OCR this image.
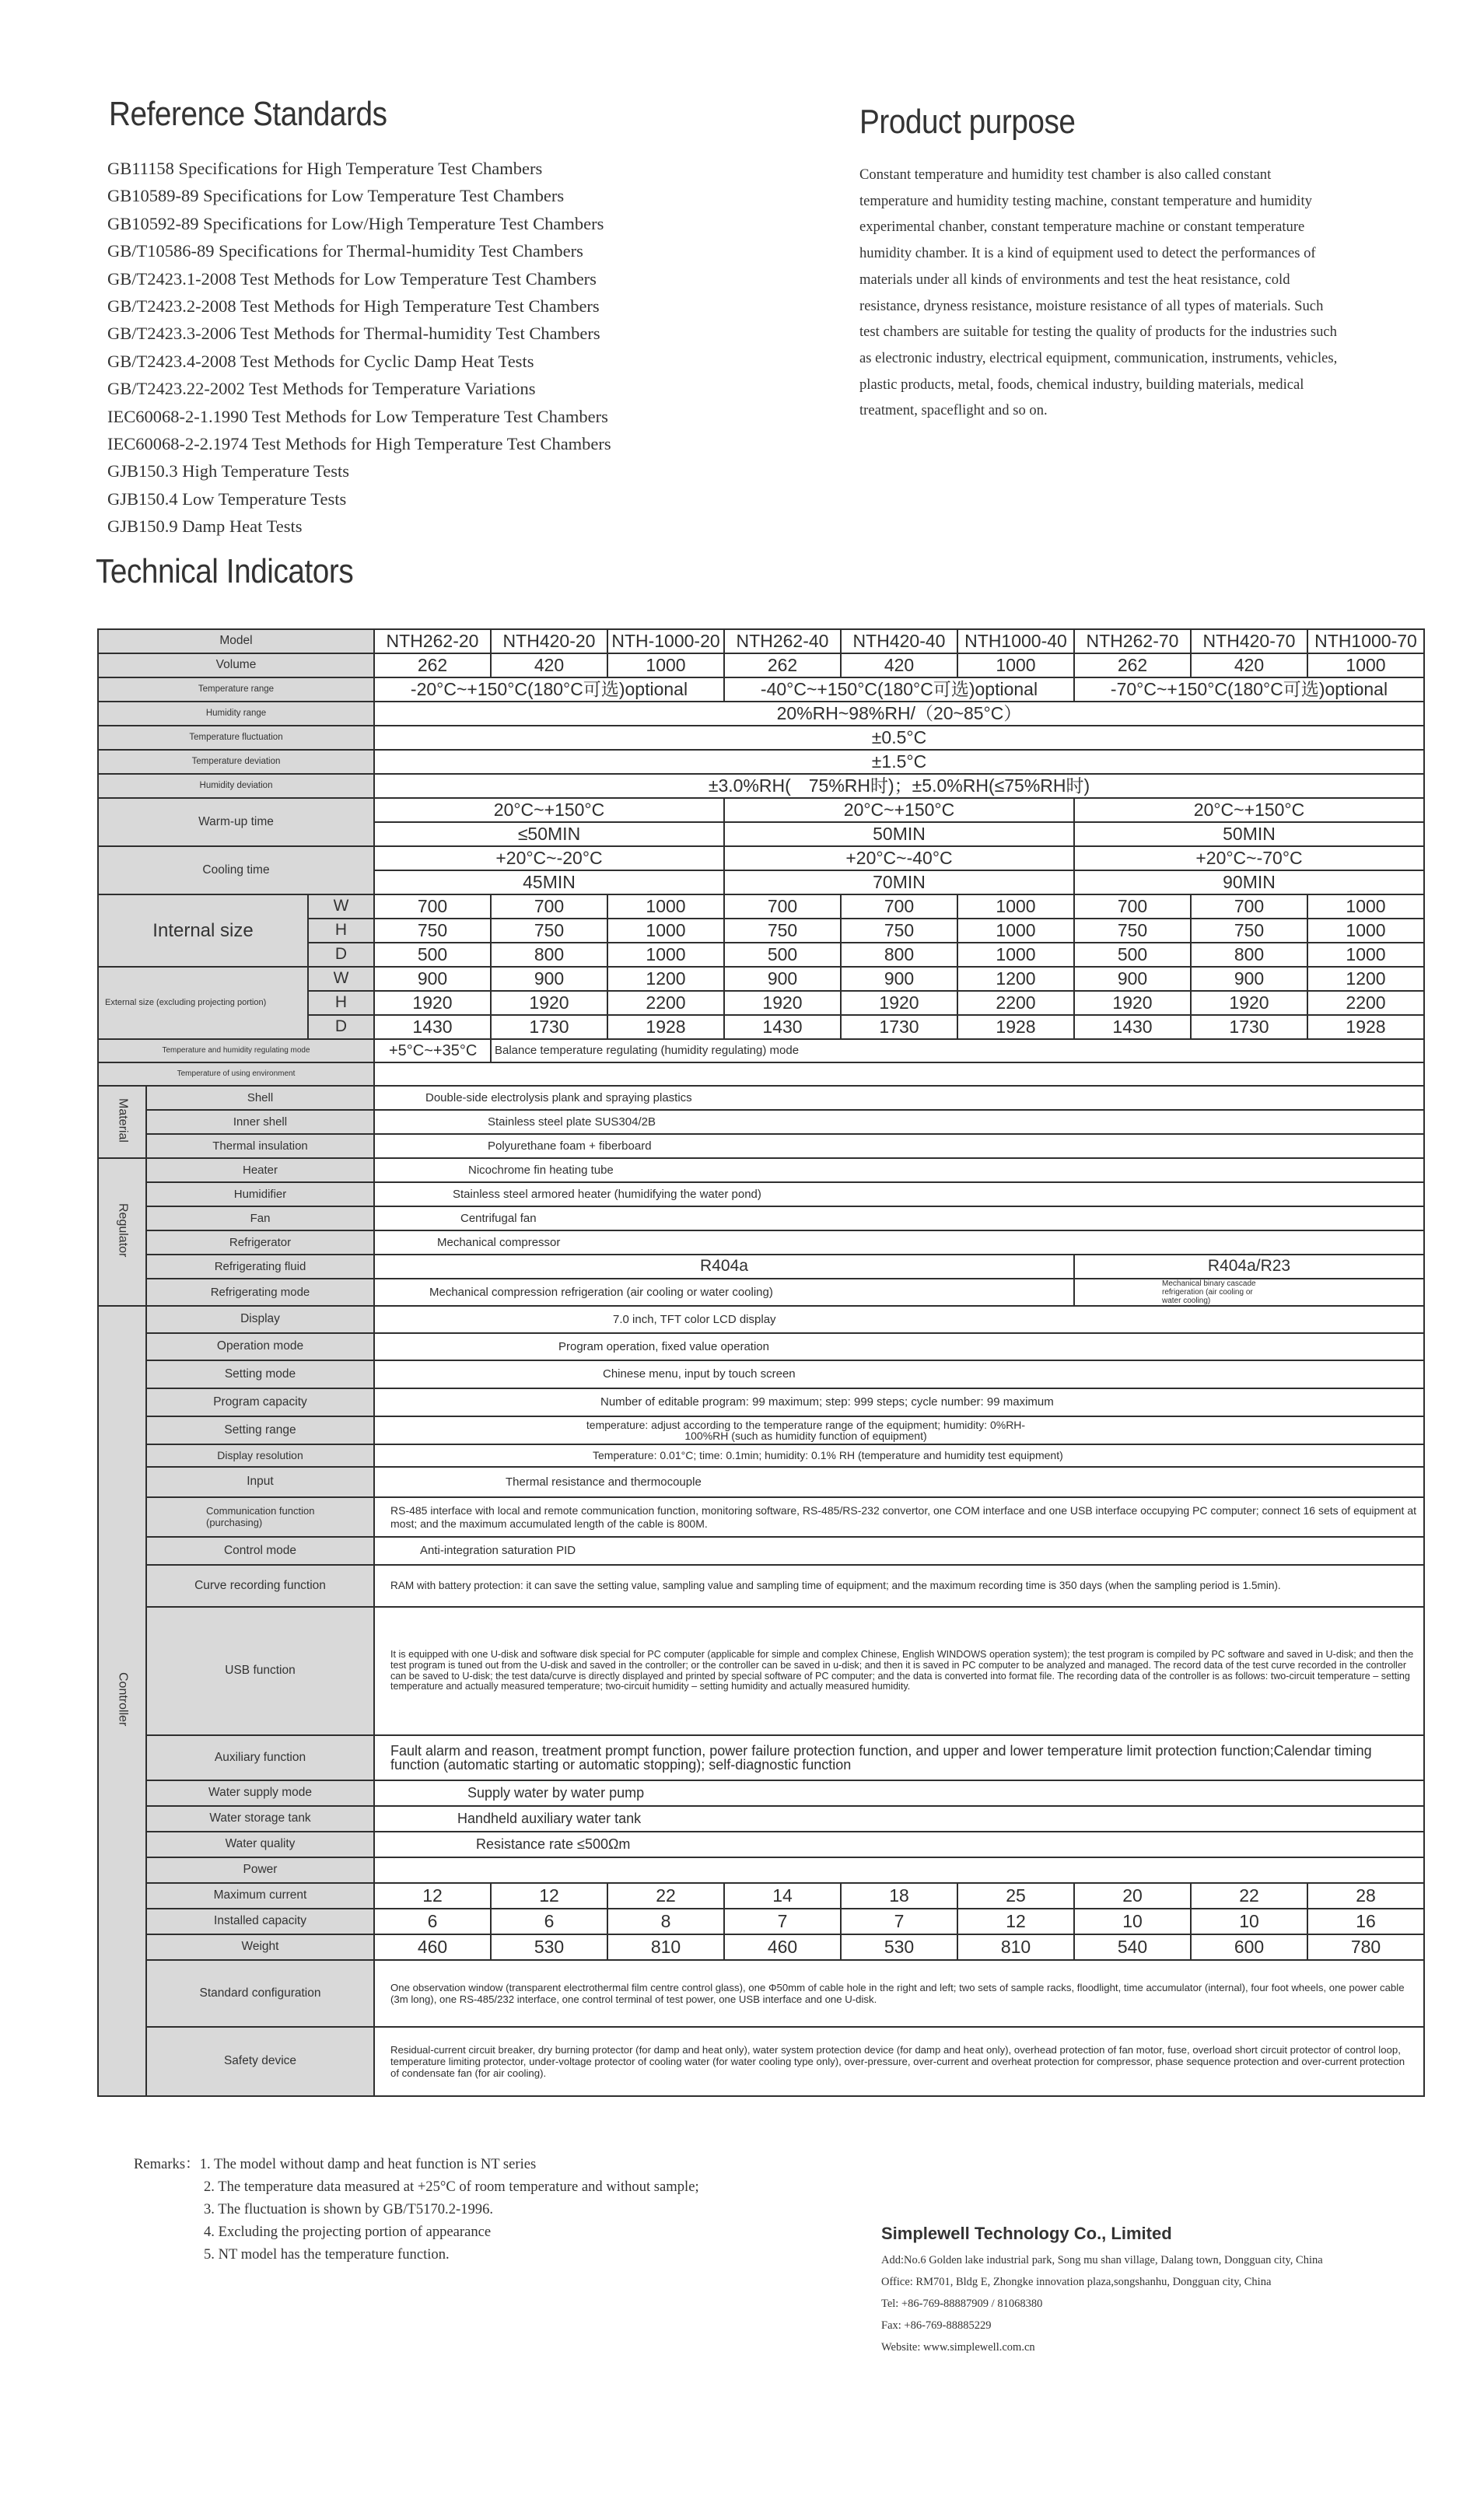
Reference Standards
GB11158 Specifications for High Temperature Test Chambers
GB10589-89 Specifications for Low Temperature Test Chambers
GB10592-89 Specifications for Low/High Temperature Test Chambers
GB/T10586-89 Specifications for Thermal-humidity Test Chambers
GB/T2423.1-2008 Test Methods for Low Temperature Test Chambers
GB/T2423.2-2008 Test Methods for High Temperature Test Chambers
GB/T2423.3-2006 Test Methods for Thermal-humidity Test Chambers
GB/T2423.4-2008 Test Methods for Cyclic Damp Heat Tests
GB/T2423.22-2002 Test Methods for Temperature Variations
IEC60068-2-1.1990 Test Methods for Low Temperature Test Chambers
IEC60068-2-2.1974 Test Methods for High Temperature Test Chambers
GJB150.3 High Temperature Tests
GJB150.4 Low Temperature Tests
GJB150.9 Damp Heat Tests
Product purpose
Constant temperature and humidity test chamber is also called constant temperature and humidity testing machine, constant temperature and humidity experimental chanber, constant temperature machine or constant temperature humidity chamber. It is a kind of equipment used to detect the performances of materials under all kinds of environments and test the heat resistance, cold resistance, dryness resistance, moisture resistance of all types of materials. Such test chambers are suitable for testing the quality of products for the industries such as electronic industry, electrical equipment, communication, instruments, vehicles, plastic products, metal, foods, chemical industry, building materials, medical treatment, spaceflight and so on.
Technical Indicators
Model			NTH262-20	NTH420-20	NTH-1000-20	NTH262-40	NTH420-40	NTH1000-40	NTH262-70	NTH420-70	NTH1000-70
Volume			262	420	1000	262	420	1000	262	420	1000
Temperature range			-20°C~+150°C(180°C可选)optional			-40°C~+150°C(180°C可选)optional			-70°C~+150°C(180°C可选)optional		
Humidity range			20%RH~98%RH/（20~85°C）								
Temperature fluctuation			±0.5°C								
Temperature deviation			±1.5°C								
Humidity deviation			±3.0%RH(　75%RH时)；±5.0%RH(≤75%RH时)								
Warm-up time			20°C~+150°C			20°C~+150°C			20°C~+150°C		
			≤50MIN			50MIN			50MIN		
Cooling time			+20°C~-20°C			+20°C~-40°C			+20°C~-70°C		
			45MIN			70MIN			90MIN		
Internal size		W	700	700	1000	700	700	1000	700	700	1000
		H	750	750	1000	750	750	1000	750	750	1000
		D	500	800	1000	500	800	1000	500	800	1000
External size (excluding projecting portion)		W	900	900	1200	900	900	1200	900	900	1200
		H	1920	1920	2200	1920	1920	2200	1920	1920	2200
		D	1430	1730	1928	1430	1730	1928	1430	1730	1928
Temperature and humidity regulating mode			+5°C~+35°C	Balance temperature regulating (humidity regulating) mode							
Temperature of using environment											
Material	Shell		Double-side electrolysis plank and spraying plastics								
	Inner shell		Stainless steel plate SUS304/2B								
	Thermal insulation		Polyurethane foam + fiberboard								
Regulator	Heater		Nicochrome fin heating tube								
	Humidifier		Stainless steel armored heater (humidifying the water pond)								
	Fan		Centrifugal fan								
	Refrigerator		Mechanical compressor								
	Refrigerating fluid		R404a						R404a/R23		
	Refrigerating mode		Mechanical compression refrigeration (air cooling or water cooling)						Mechanical binary cascade refrigeration (air cooling or water cooling)		
Controller	Display		7.0 inch, TFT color LCD display								
	Operation mode		Program operation, fixed value operation								
	Setting mode		Chinese menu, input by touch screen								
	Program capacity		Number of editable program: 99 maximum; step: 999 steps; cycle number: 99 maximum								
	Setting range		temperature: adjust according to the temperature range of the equipment; humidity: 0%RH-100%RH (such as humidity function of equipment)								
	Display resolution		Temperature: 0.01°C; time: 0.1min; humidity: 0.1% RH (temperature and humidity test equipment)								
	Input		Thermal resistance and thermocouple								
	Communication function (purchasing)		RS-485 interface with local and remote communication function, monitoring software, RS-485/RS-232 convertor, one COM interface and one USB interface occupying PC computer; connect 16 sets of equipment at most; and the maximum accumulated length of the cable is 800M.								
	Control mode		Anti-integration saturation PID								
	Curve recording function		RAM with battery protection: it can save the setting value, sampling value and sampling time of equipment; and the maximum recording time is 350 days (when the sampling period is 1.5min).								
	USB function		It is equipped with one U-disk and software disk special for PC computer (applicable for simple and complex Chinese, English WINDOWS operation system); the test program is compiled by PC software and saved in U-disk; and then the test program is tuned out from the U-disk and saved in the controller; or the controller can be saved in u-disk; and then it is saved in PC computer to be analyzed and managed. The record data of the test curve recorded in the controller can be saved to U-disk; the test data/curve is directly displayed and printed by special software of PC computer; and the data is converted into format file. The recording data of the controller is as follows: two-circuit temperature – setting temperature and actually measured temperature; two-circuit humidity – setting humidity and actually measured humidity.								
	Auxiliary function		Fault alarm and reason, treatment prompt function, power failure protection function, and upper and lower temperature limit protection function;Calendar timing function (automatic starting or automatic stopping); self-diagnostic function								
	Water supply mode		Supply water by water pump								
	Water storage tank		Handheld auxiliary water tank								
	Water quality		Resistance rate ≤500Ωm								
	Power										
	Maximum current		12	12	22	14	18	25	20	22	28
	Installed capacity		6	6	8	7	7	12	10	10	16
	Weight		460	530	810	460	530	810	540	600	780
	Standard configuration		One observation window (transparent electrothermal film centre control glass), one Φ50mm of cable hole in the right and left; two sets of sample racks, floodlight, time accumulator (internal), four foot wheels, one power cable (3m long), one RS-485/232 interface, one control terminal of test power, one USB interface and one U-disk.								
	Safety device		Residual-current circuit breaker, dry burning protector (for damp and heat only), water system protection device (for damp and heat only), overhead protection of fan motor, fuse, overload short circuit protector of control loop, temperature limiting protector, under-voltage protector of cooling water (for water cooling type only), over-pressure, over-current and overheat protection for compressor, phase sequence protection and over-current protection of condensate fan (for air cooling).								
Remarks：1. The model without damp and heat function is NT series
2. The temperature data measured at +25°C of room temperature and without sample;
3. The fluctuation is shown by GB/T5170.2-1996.
4. Excluding the projecting portion of appearance
5. NT model has the temperature function.
Simplewell Technology Co., Limited
Add:No.6 Golden lake industrial park, Song mu shan village, Dalang town, Dongguan city, China
Office: RM701, Bldg E, Zhongke innovation plaza,songshanhu, Dongguan city, China
Tel: +86-769-88887909 / 81068380
Fax: +86-769-88885229
Website: www.simplewell.com.cn
